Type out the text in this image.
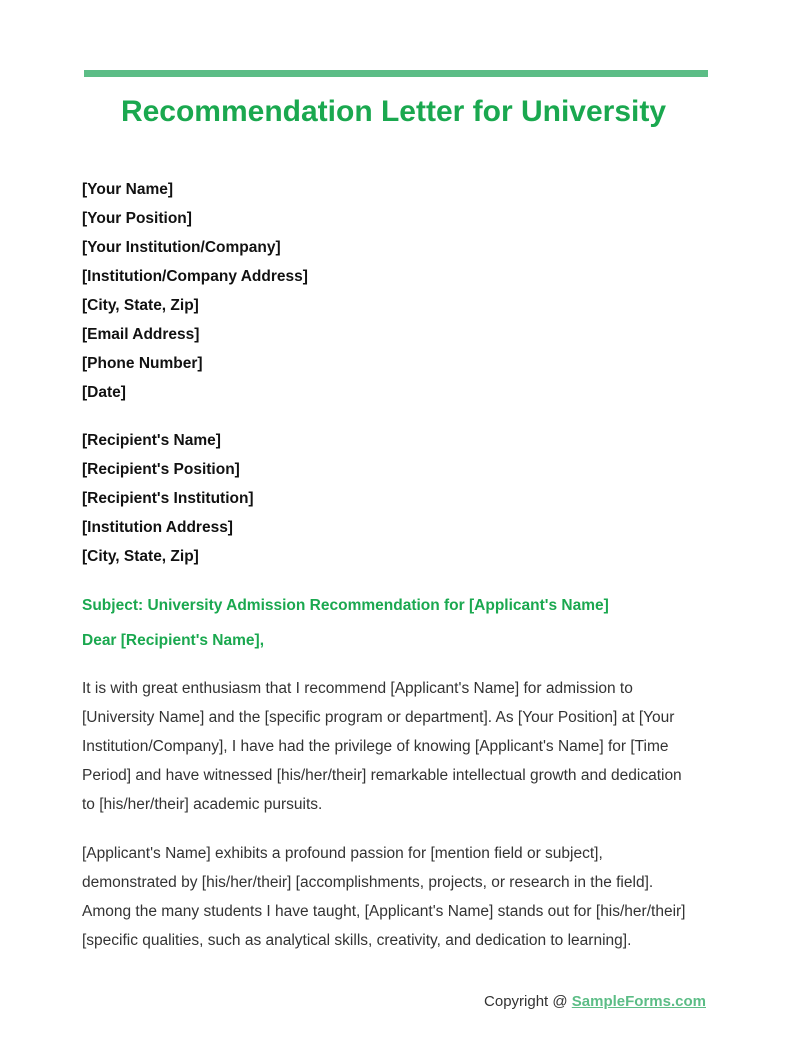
Recommendation Letter for University
[Your Name]
[Your Position]
[Your Institution/Company]
[Institution/Company Address]
[City, State, Zip]
[Email Address]
[Phone Number]
[Date]
[Recipient's Name]
[Recipient's Position]
[Recipient's Institution]
[Institution Address]
[City, State, Zip]
Subject: University Admission Recommendation for [Applicant's Name]
Dear [Recipient's Name],

It is with great enthusiasm that I recommend [Applicant's Name] for admission to
[University Name] and the [specific program or department]. As [Your Position] at [Your
Institution/Company], I have had the privilege of knowing [Applicant's Name] for [Time
Period] and have witnessed [his/her/their] remarkable intellectual growth and dedication
to [his/her/their] academic pursuits.

[Applicant's Name] exhibits a profound passion for [mention field or subject],
demonstrated by [his/her/their] [accomplishments, projects, or research in the field].
Among the many students I have taught, [Applicant's Name] stands out for [his/her/their]
[specific qualities, such as analytical skills, creativity, and dedication to learning].

Copyright @ SampleForms.com
